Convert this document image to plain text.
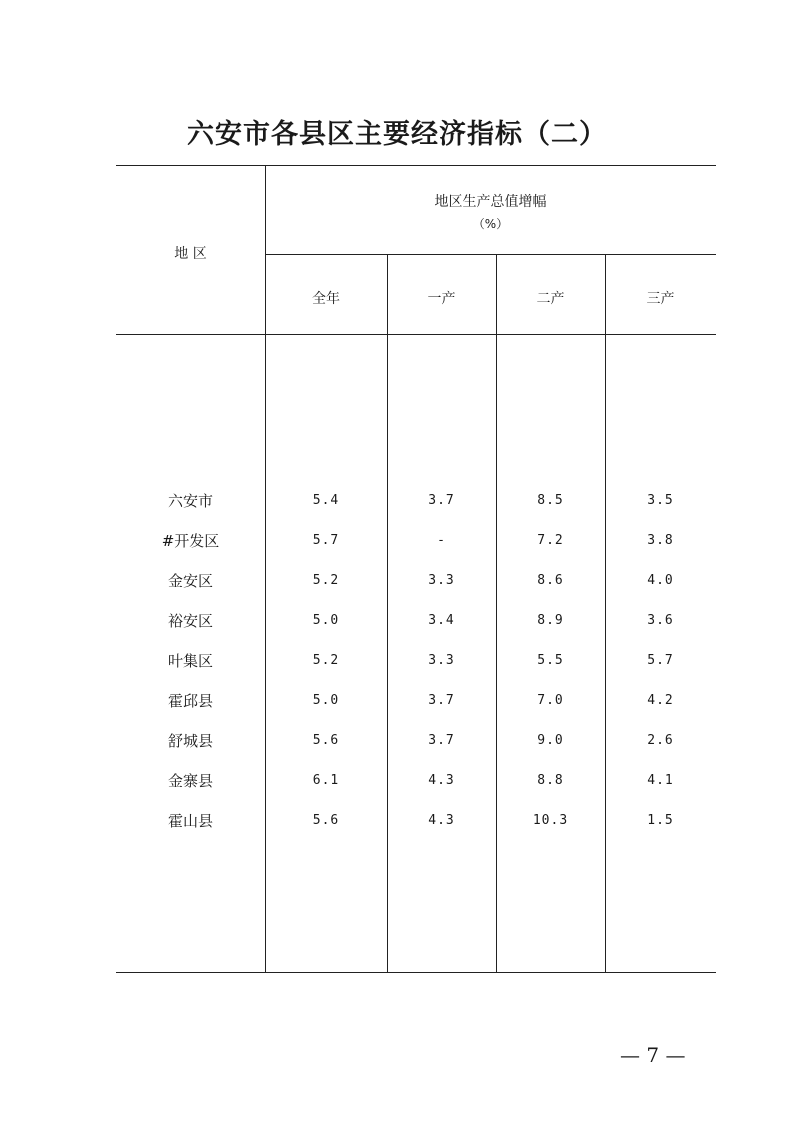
六安市各县区主要经济指标（二）
地 区
地区生产总值增幅
（%）
全年	一产	二产	三产
六安市	5.4	3.7	8.5	3.5
#开发区	5.7	-	7.2	3.8
金安区	5.2	3.3	8.6	4.0
裕安区	5.0	3.4	8.9	3.6
叶集区	5.2	3.3	5.5	5.7
霍邱县	5.0	3.7	7.0	4.2
舒城县	5.6	3.7	9.0	2.6
金寨县	6.1	4.3	8.8	4.1
霍山县	5.6	4.3	10.3	1.5
— 7 —
